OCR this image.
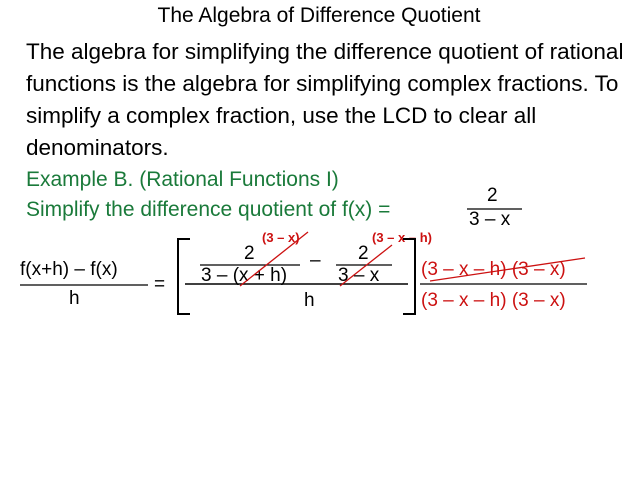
The Algebra of Difference Quotient
The algebra for simplifying the difference quotient of rational functions is the algebra for simplifying complex fractions. To simplify a complex fraction, use the LCD to clear all denominators.
Example B. (Rational Functions I)
Simplify the difference quotient of f(x) =
2
3 – x
f(x+h) – f(x)
h
=
(3 – x)
2
3 – (x + h)
–
(3 – x – h)
2
3 – x
h
(3 – x – h) (3 – x)
(3 – x – h) (3 – x)
